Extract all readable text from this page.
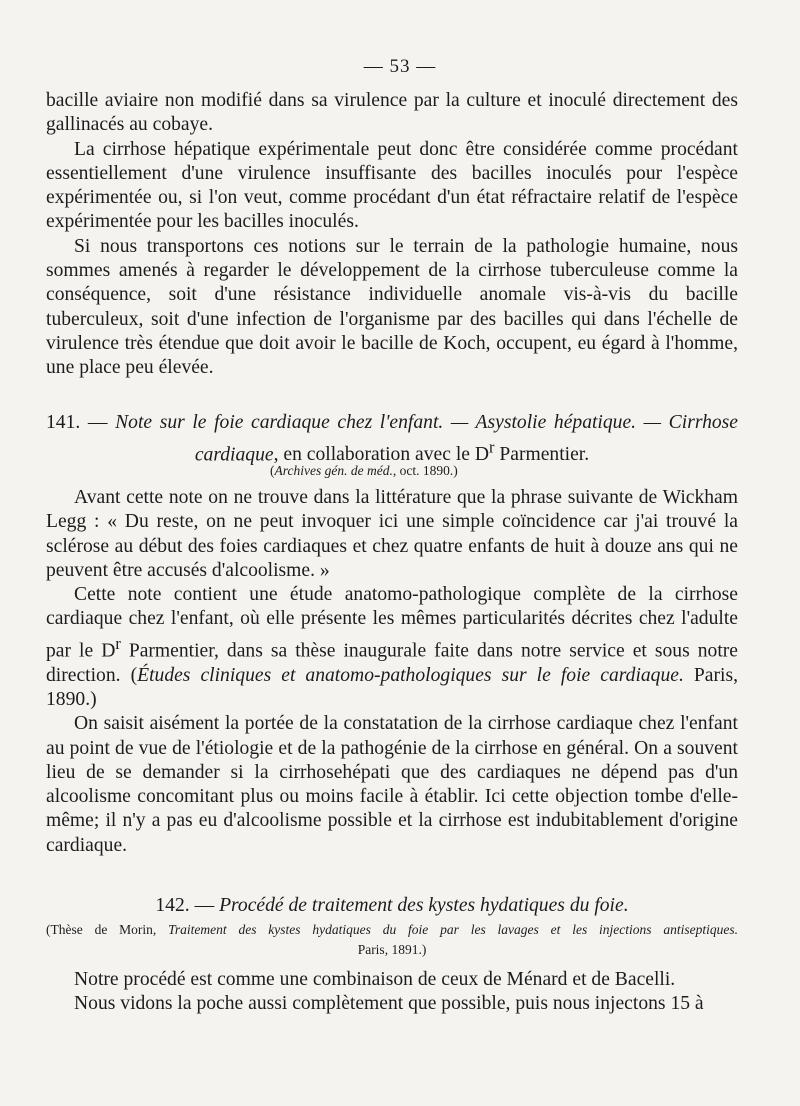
— 53 —

bacille aviaire non modifié dans sa virulence par la culture et inoculé directement des gallinacés au cobaye.

La cirrhose hépatique expérimentale peut donc être considérée comme procédant essentiellement d'une virulence insuffisante des bacilles inoculés pour l'espèce expérimentée ou, si l'on veut, comme procédant d'un état réfractaire relatif de l'espèce expérimentée pour les bacilles inoculés.

Si nous transportons ces notions sur le terrain de la pathologie humaine, nous sommes amenés à regarder le développement de la cirrhose tuberculeuse comme la conséquence, soit d'une résistance individuelle anomale vis-à-vis du bacille tuberculeux, soit d'une infection de l'organisme par des bacilles qui dans l'échelle de virulence très étendue que doit avoir le bacille de Koch, occupent, eu égard à l'homme, une place peu élevée.

141. — Note sur le foie cardiaque chez l'enfant. — Asystolie hépatique. — Cirrhose
cardiaque, en collaboration avec le $D^r$ Parmentier.
(Archives gén. de méd., oct. 1890.)

Avant cette note on ne trouve dans la littérature que la phrase suivante de Wickham Legg : « Du reste, on ne peut invoquer ici une simple coïncidence car j'ai trouvé la sclérose au début des foies cardiaques et chez quatre enfants de huit à douze ans qui ne peuvent être accusés d'alcoolisme. »

Cette note contient une étude anatomo-pathologique complète de la cirrhose cardiaque chez l'enfant, où elle présente les mêmes particularités décrites chez l'adulte par le $D^r$ Parmentier, dans sa thèse inaugurale faite dans notre service et sous notre direction. (Études cliniques et anatomo-pathologiques sur le foie cardiaque. Paris, 1890.)

On saisit aisément la portée de la constatation de la cirrhose cardiaque chez l'enfant au point de vue de l'étiologie et de la pathogénie de la cirrhose en général. On a souvent lieu de se demander si la cirrhosehépati que des cardiaques ne dépend pas d'un alcoolisme concomitant plus ou moins facile à établir. Ici cette objection tombe d'elle-même; il n'y a pas eu d'alcoolisme possible et la cirrhose est indubitablement d'origine cardiaque.

142. — Procédé de traitement des kystes hydatiques du foie.
(Thèse de Morin, Traitement des kystes hydatiques du foie par les lavages et les injections antiseptiques.
Paris, 1891.)

Notre procédé est comme une combinaison de ceux de Ménard et de Bacelli.

Nous vidons la poche aussi complètement que possible, puis nous injectons 15 à
